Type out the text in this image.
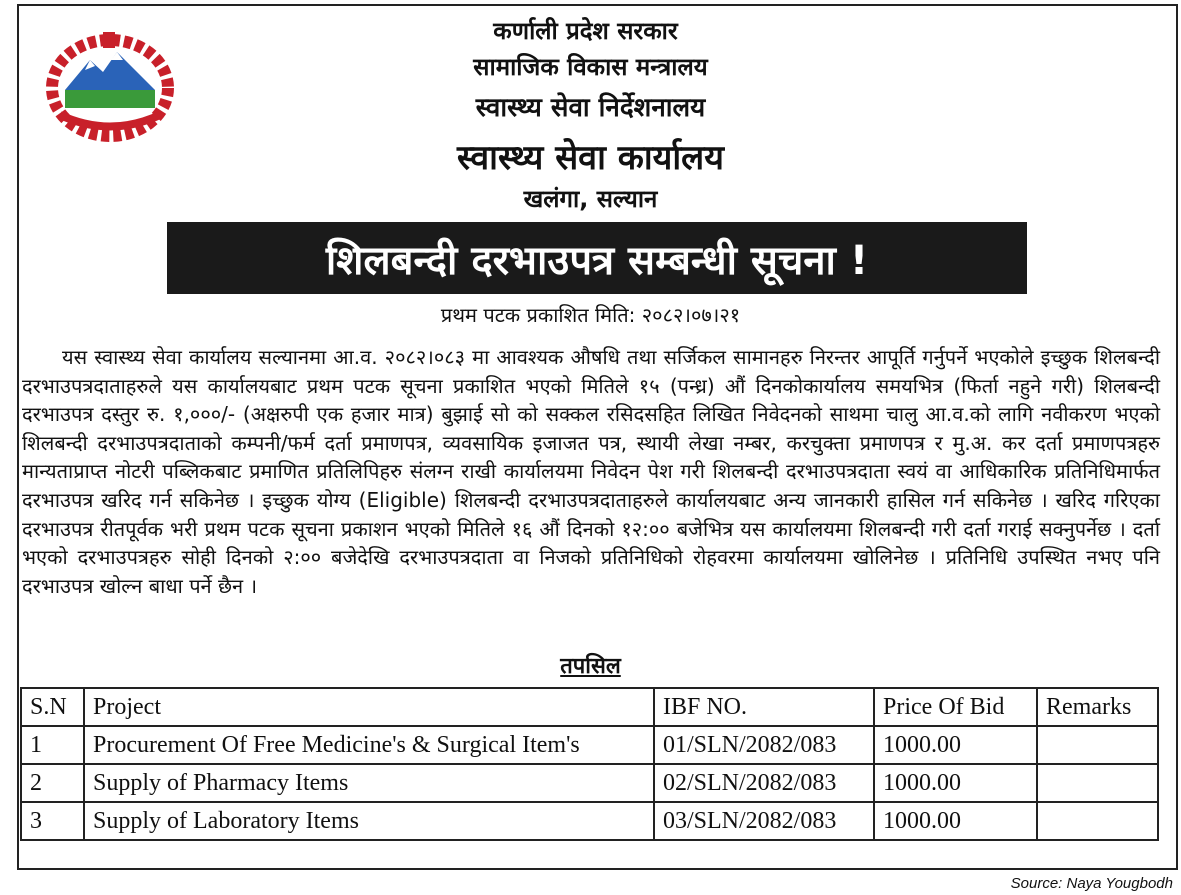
कर्णाली प्रदेश सरकार
सामाजिक विकास मन्त्रालय
स्वास्थ्य सेवा निर्देशनालय
स्वास्थ्य सेवा कार्यालय
खलंगा, सल्यान
शिलबन्दी दरभाउपत्र सम्बन्धी सूचना !
प्रथम पटक प्रकाशित मिति: २०८२।०७।२१
यस स्वास्थ्य सेवा कार्यालय सल्यानमा आ.व. २०८२।०८३ मा आवश्यक औषधि तथा सर्जिकल सामानहरु निरन्तर आपूर्ति गर्नुपर्ने भएकोले इच्छुक शिलबन्दी दरभाउपत्रदाताहरुले यस कार्यालयबाट प्रथम पटक सूचना प्रकाशित भएको मितिले १५ (पन्ध्र) औं दिनकोकार्यालय समयभित्र (फिर्ता नहुने गरी) शिलबन्दी दरभाउपत्र दस्तुर रु. १,०००/- (अक्षरुपी एक हजार मात्र) बुझाई सो को सक्कल रसिदसहित लिखित निवेदनको साथमा चालु आ.व.को लागि नवीकरण भएको शिलबन्दी दरभाउपत्रदाताको कम्पनी/फर्म दर्ता प्रमाणपत्र, व्यवसायिक इजाजत पत्र, स्थायी लेखा नम्बर, करचुक्ता प्रमाणपत्र र मु.अ. कर दर्ता प्रमाणपत्रहरु मान्यताप्राप्त नोटरी पब्लिकबाट प्रमाणित प्रतिलिपिहरु संलग्न राखी कार्यालयमा निवेदन पेश गरी शिलबन्दी दरभाउपत्रदाता स्वयं वा आधिकारिक प्रतिनिधिमार्फत दरभाउपत्र खरिद गर्न सकिनेछ । इच्छुक योग्य (Eligible) शिलबन्दी दरभाउपत्रदाताहरुले कार्यालयबाट अन्य जानकारी हासिल गर्न सकिनेछ । खरिद गरिएका दरभाउपत्र रीतपूर्वक भरी प्रथम पटक सूचना प्रकाशन भएको मितिले १६ औं दिनको १२:०० बजेभित्र यस कार्यालयमा शिलबन्दी गरी दर्ता गराई सक्नुपर्नेछ । दर्ता भएको दरभाउपत्रहरु सोही दिनको २:०० बजेदेखि दरभाउपत्रदाता वा निजको प्रतिनिधिको रोहवरमा कार्यालयमा खोलिनेछ । प्रतिनिधि उपस्थित नभए पनि दरभाउपत्र खोल्न बाधा पर्ने छैन ।
तपसिल
S.N	Project	IBF NO.	Price Of Bid	Remarks
1	Procurement Of Free Medicine's & Surgical Item's	01/SLN/2082/083	1000.00	
2	Supply of Pharmacy Items	02/SLN/2082/083	1000.00	
3	Supply of Laboratory Items	03/SLN/2082/083	1000.00	
Source: Naya Yougbodh
